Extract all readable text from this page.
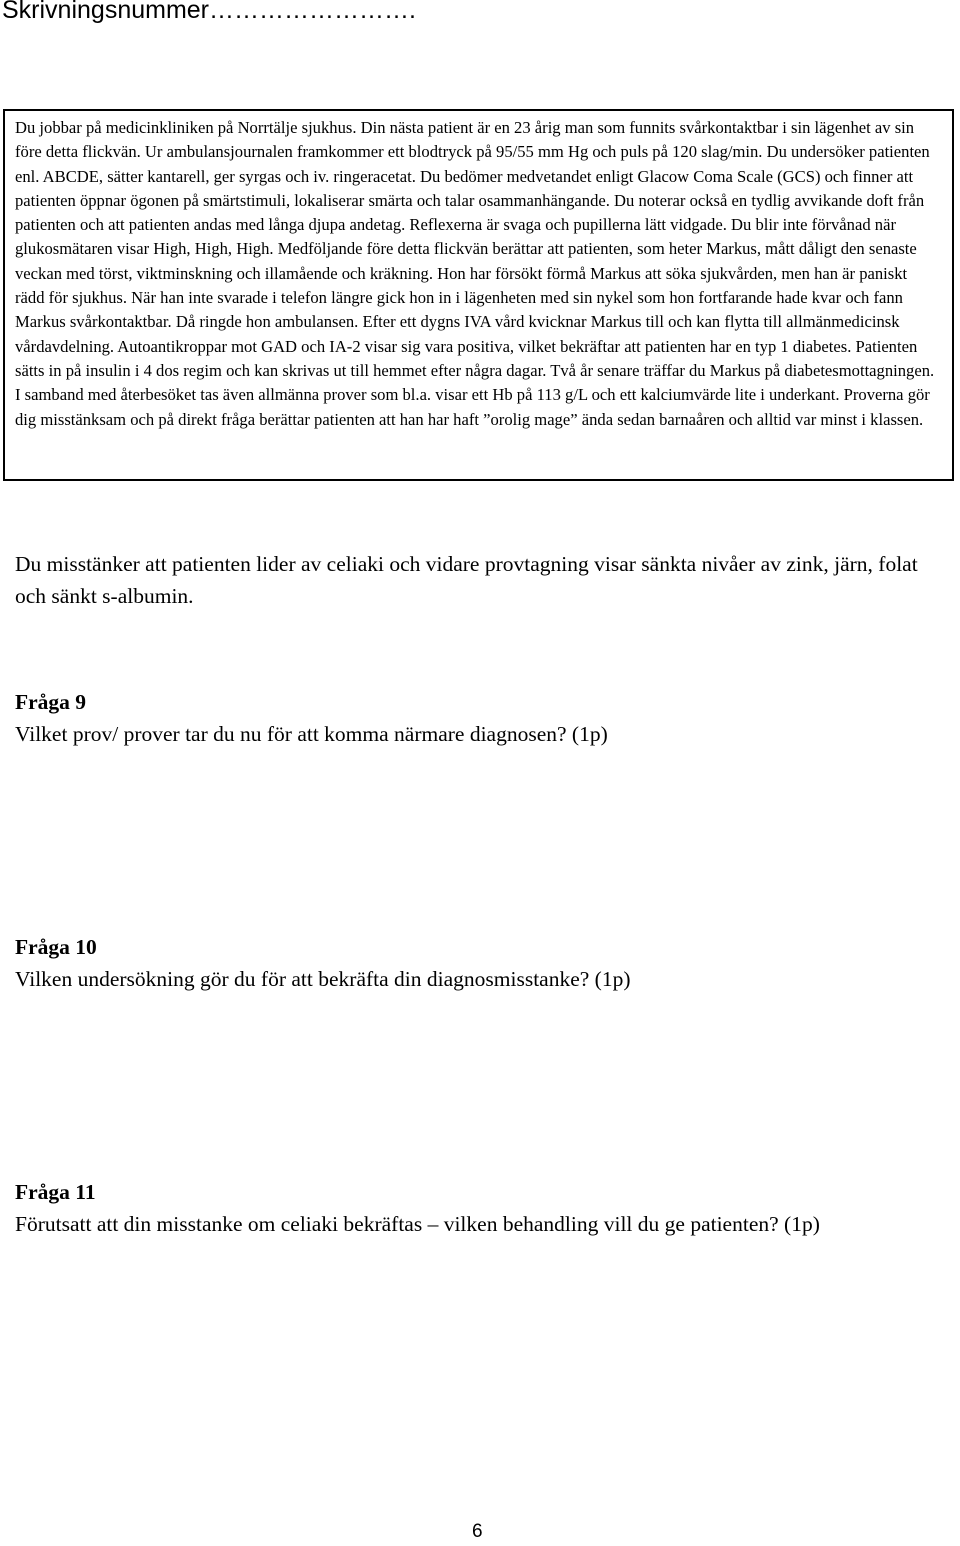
Skrivningsnummer…………………….

Du jobbar på medicinkliniken på Norrtälje sjukhus. Din nästa patient är en 23 årig man som funnits svårkontaktbar i sin lägenhet av sin före detta flickvän. Ur ambulansjournalen framkommer ett blodtryck på 95/55 mm Hg och puls på 120 slag/min. Du undersöker patienten enl. ABCDE, sätter kantarell, ger syrgas och iv. ringeracetat. Du bedömer medvetandet enligt Glacow Coma Scale (GCS) och finner att patienten öppnar ögonen på smärtstimuli, lokaliserar smärta och talar osammanhängande. Du noterar också en tydlig avvikande doft från patienten och att patienten andas med långa djupa andetag. Reflexerna är svaga och pupillerna lätt vidgade. Du blir inte förvånad när glukosmätaren visar High, High, High. Medföljande före detta flickvän berättar att patienten, som heter Markus, mått dåligt den senaste veckan med törst, viktminskning och illamående och kräkning. Hon har försökt förmå Markus att söka sjukvården, men han är paniskt rädd för sjukhus. När han inte svarade i telefon längre gick hon in i lägenheten med sin nykel som hon fortfarande hade kvar och fann Markus svårkontaktbar. Då ringde hon ambulansen. Efter ett dygns IVA vård kvicknar Markus till och kan flytta till allmänmedicinsk vårdavdelning. Autoantikroppar mot GAD och IA-2 visar sig vara positiva, vilket bekräftar att patienten har en typ 1 diabetes. Patienten sätts in på insulin i 4 dos regim och kan skrivas ut till hemmet efter några dagar. Två år senare träffar du Markus på diabetesmottagningen. I samband med återbesöket tas även allmänna prover som bl.a. visar ett Hb på 113 g/L och ett kalciumvärde lite i underkant. Proverna gör dig misstänksam och på direkt fråga berättar patienten att han har haft ”orolig mage” ända sedan barnaåren och alltid var minst i klassen.

Du misstänker att patienten lider av celiaki och vidare provtagning visar sänkta nivåer av zink, järn, folat och sänkt s-albumin.
Fråga 9
Vilket prov/ prover tar du nu för att komma närmare diagnosen? (1p)
Fråga 10
Vilken undersökning gör du för att bekräfta din diagnosmisstanke? (1p)
Fråga 11
Förutsatt att din misstanke om celiaki bekräftas – vilken behandling vill du ge patienten? (1p)
6
